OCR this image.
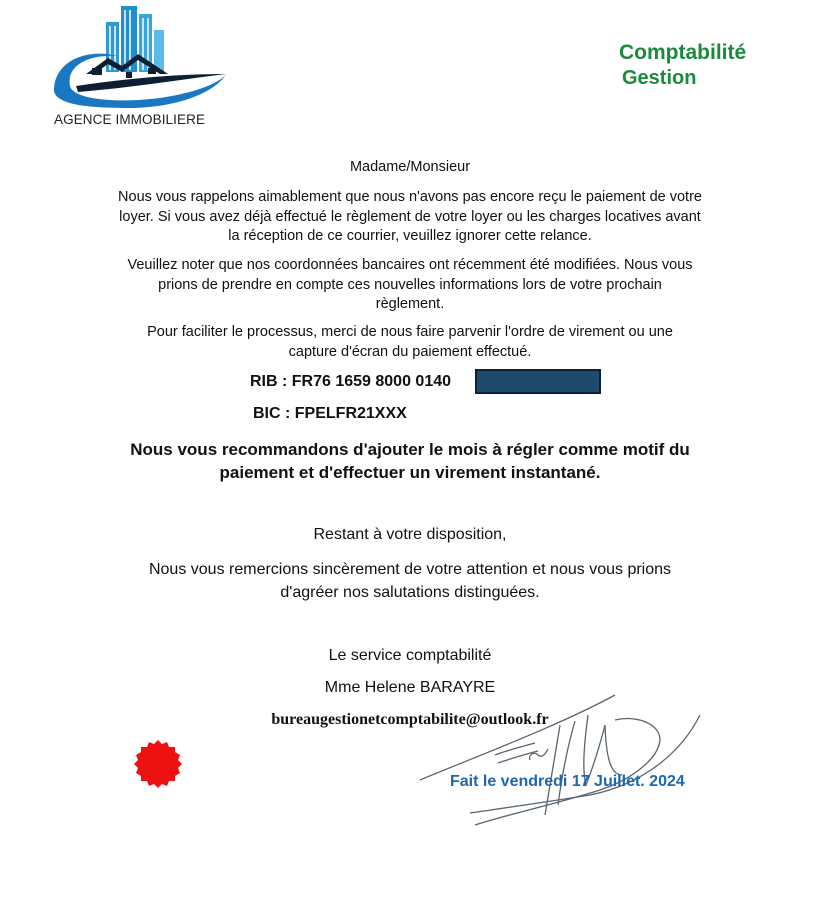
AGENCE IMMOBILIERE
Comptabilité
Gestion
Madame/Monsieur
Nous vous rappelons aimablement que nous n'avons pas encore reçu le paiement de votre loyer. Si vous avez déjà effectué le règlement de votre loyer ou les charges locatives avant la réception de ce courrier, veuillez ignorer cette relance.
Veuillez noter que nos coordonnées bancaires ont récemment été modifiées. Nous vous prions de prendre en compte ces nouvelles informations lors de votre prochain règlement.
Pour faciliter le processus, merci de nous faire parvenir l'ordre de virement ou une capture d'écran du paiement effectué.
RIB : FR76 1659 8000 0140
BIC : FPELFR21XXX
Nous vous recommandons d'ajouter le mois à régler comme motif du paiement et d'effectuer un virement instantané.
Restant à votre disposition,
Nous vous remercions sincèrement de votre attention et nous vous prions d'agréer nos salutations distinguées.
Le service comptabilité
Mme Helene BARAYRE
bureaugestionetcomptabilite@outlook.fr
Fait le vendredi 17 Juillet. 2024
